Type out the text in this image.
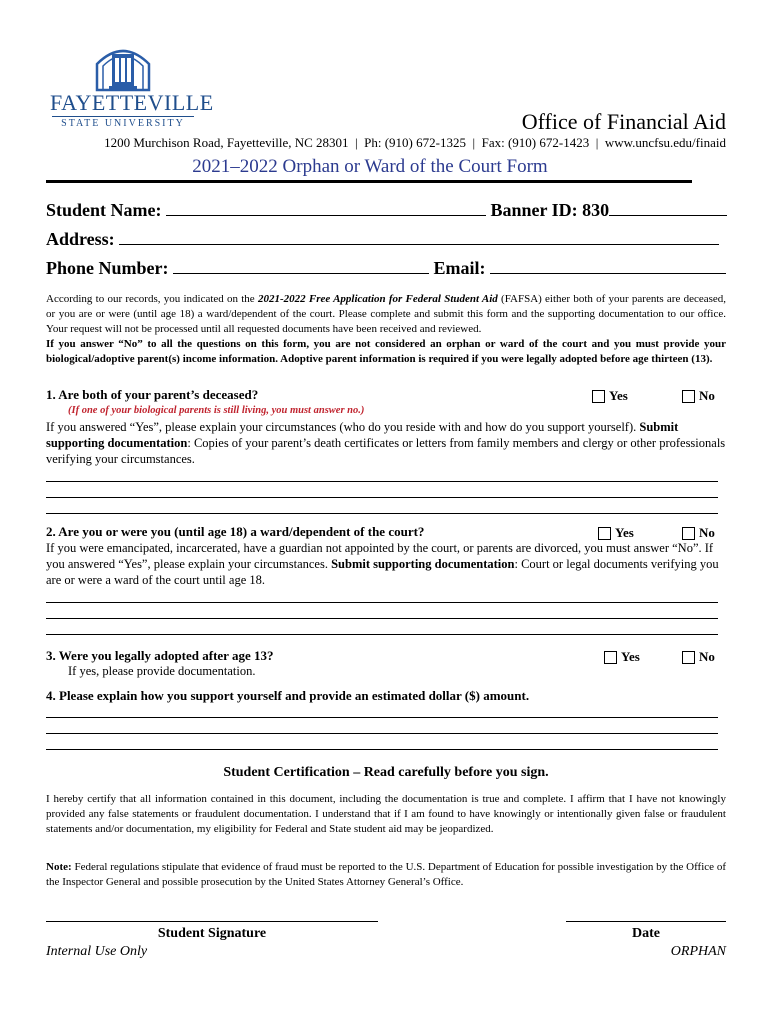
FAYETTEVILLE
STATE UNIVERSITY	Office of Financial Aid
1200 Murchison Road, Fayetteville, NC 28301  |  Ph: (910) 672-1325  |  Fax: (910) 672-1423  |  www.uncfsu.edu/finaid
2021–2022 Orphan or Ward of the Court Form
Student Name:	Banner ID: 830
Address:
Phone Number:	Email:
According to our records, you indicated on the 2021-2022 Free Application for Federal Student Aid (FAFSA) either both of your parents are deceased, or you are or were (until age 18) a ward/dependent of the court. Please complete and submit this form and the supporting documentation to our office. Your request will not be processed until all requested documents have been received and reviewed.
If you answer “No” to all the questions on this form, you are not considered an orphan or ward of the court and you must provide your biological/adoptive parent(s) income information. Adoptive parent information is required if you were legally adopted before age thirteen (13).
1. Are both of your parent’s deceased?	Yes	No
(If one of your biological parents is still living, you must answer no.)
If you answered “Yes”, please explain your circumstances (who do you reside with and how do you support yourself). Submit supporting documentation: Copies of your parent’s death certificates or letters from family members and clergy or other professionals verifying your circumstances.
2. Are you or were you (until age 18) a ward/dependent of the court?	Yes	No
If you were emancipated, incarcerated, have a guardian not appointed by the court, or parents are divorced, you must answer “No”. If you answered “Yes”, please explain your circumstances. Submit supporting documentation: Court or legal documents verifying you are or were a ward of the court until age 18.
3. Were you legally adopted after age 13?	Yes	No
If yes, please provide documentation.
4. Please explain how you support yourself and provide an estimated dollar ($) amount.
Student Certification – Read carefully before you sign.
I hereby certify that all information contained in this document, including the documentation is true and complete. I affirm that I have not knowingly provided any false statements or fraudulent documentation. I understand that if I am found to have knowingly or intentionally given false or fraudulent statements and/or documentation, my eligibility for Federal and State student aid may be jeopardized.
Note: Federal regulations stipulate that evidence of fraud must be reported to the U.S. Department of Education for possible investigation by the Office of the Inspector General and possible prosecution by the United States Attorney General’s Office.
Student Signature	Date
Internal Use Only	ORPHAN
